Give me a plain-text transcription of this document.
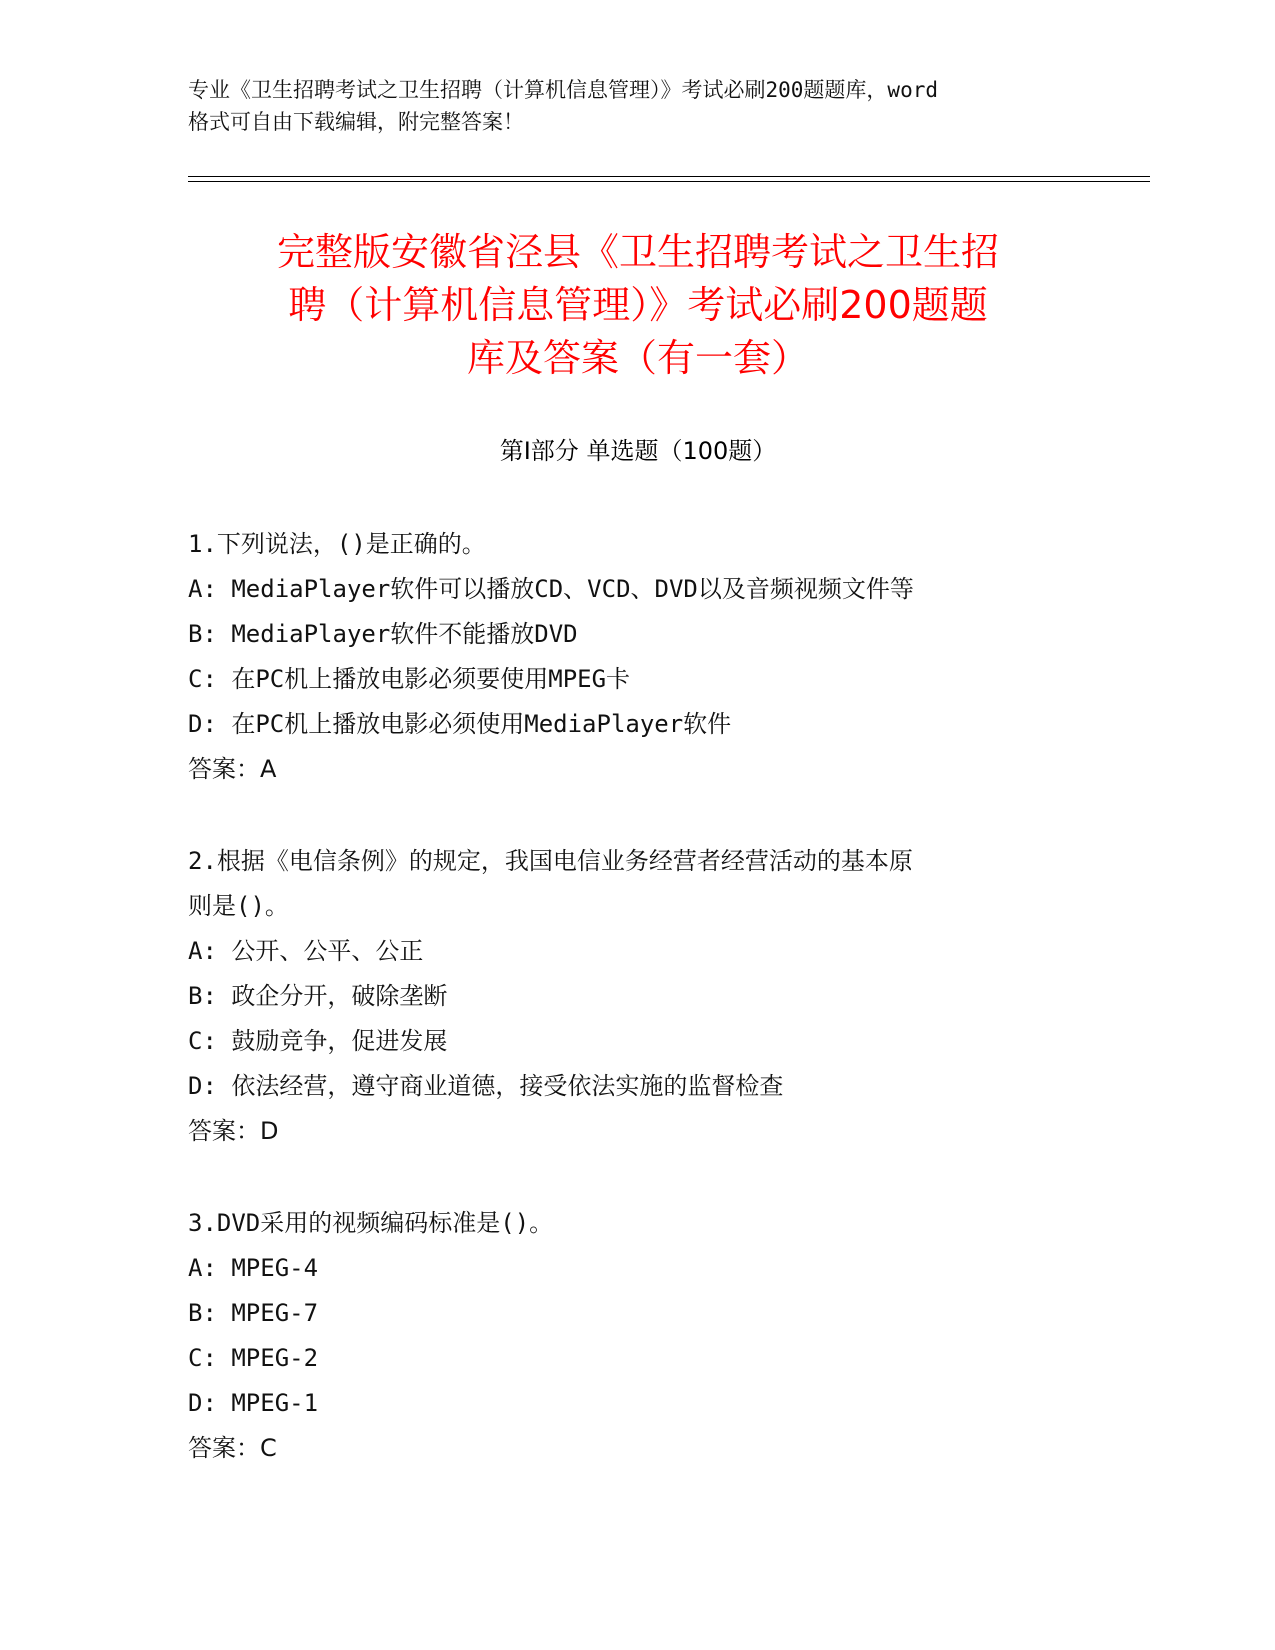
专业《卫生招聘考试之卫生招聘（计算机信息管理）》考试必刷200题题库，word
格式可自由下载编辑，附完整答案！
完整版安徽省泾县《卫生招聘考试之卫生招
聘（计算机信息管理）》考试必刷200题题
库及答案（有一套）
第I部分 单选题（100题）
1.下列说法，()是正确的。
A: MediaPlayer软件可以播放CD、VCD、DVD以及音频视频文件等
B: MediaPlayer软件不能播放DVD
C: 在PC机上播放电影必须要使用MPEG卡
D: 在PC机上播放电影必须使用MediaPlayer软件
答案：A
2.根据《电信条例》的规定，我国电信业务经营者经营活动的基本原
则是()。
A: 公开、公平、公正
B: 政企分开，破除垄断
C: 鼓励竞争，促进发展
D: 依法经营，遵守商业道德，接受依法实施的监督检查
答案：D
3.DVD采用的视频编码标准是()。
A: MPEG-4
B: MPEG-7
C: MPEG-2
D: MPEG-1
答案：C
